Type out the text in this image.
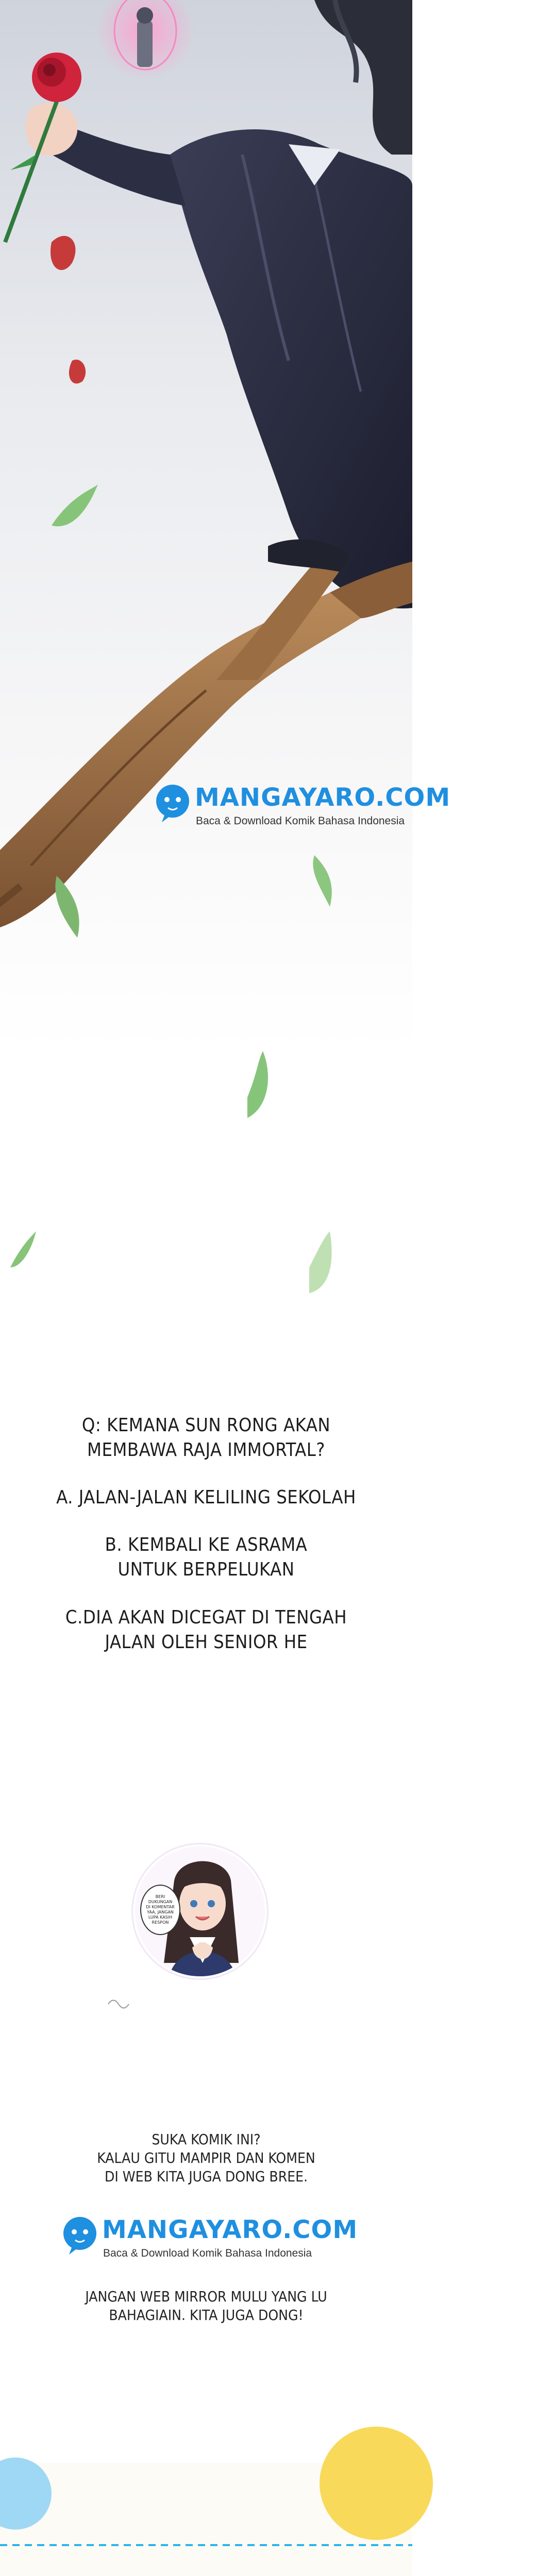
MANGAYARO.COM
Baca & Download Komik Bahasa Indonesia
Q: KEMANA SUN RONG AKAN
MEMBAWA RAJA IMMORTAL?
A. JALAN-JALAN KELILING SEKOLAH
B. KEMBALI KE ASRAMA
UNTUK BERPELUKAN
C.DIA AKAN DICEGAT DI TENGAH
JALAN OLEH SENIOR HE
BERI
DUKUNGAN
DI KOMENTAR
YAA, JANGAN
LUPA KASIH
RESPON
SUKA KOMIK INI?
KALAU GITU MAMPIR DAN KOMEN
DI WEB KITA JUGA DONG BREE.
MANGAYARO.COM
Baca & Download Komik Bahasa Indonesia
JANGAN WEB MIRROR MULU YANG LU
BAHAGIAIN. KITA JUGA DONG!
